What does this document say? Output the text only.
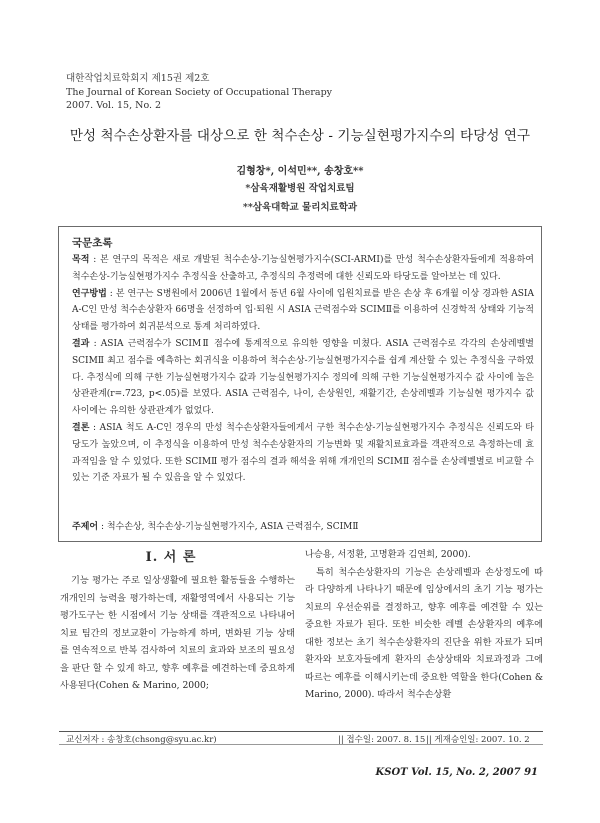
대한작업치료학회지 제15권 제2호
The Journal of Korean Society of Occupational Therapy
2007. Vol. 15, No. 2
만성 척수손상환자를 대상으로 한 척수손상 - 기능실현평가지수의 타당성 연구
김형창*, 이석민**, 송창호**
*삼육재활병원 작업치료팀
**삼육대학교 물리치료학과
국문초록

목적 : 본 연구의 목적은 새로 개발된 척수손상-기능실현평가지수(SCI-ARMI)를 만성 척수손상환자들에게 적용하여 척수손상-기능실현평가지수 추정식을 산출하고, 추정식의 추정력에 대한 신뢰도와 타당도를 알아보는 데 있다.

연구방법 : 본 연구는 S병원에서 2006년 1월에서 동년 6월 사이에 입원치료를 받은 손상 후 6개월 이상 경과한 ASIA A-C인 만성 척수손상환자 66명을 선정하여 입·퇴원 시 ASIA 근력점수와 SCIMⅡ를 이용하여 신경학적 상태와 기능적 상태를 평가하여 회귀분석으로 통계 처리하였다.

결과 : ASIA 근력점수가 SCIMⅡ 점수에 통계적으로 유의한 영향을 미쳤다. ASIA 근력점수로 각각의 손상레벨별 SCIMⅡ 최고 점수를 예측하는 회귀식을 이용하여 척수손상-기능실현평가지수를 쉽게 계산할 수 있는 추정식을 구하였다. 추정식에 의해 구한 기능실현평가지수 값과 기능실현평가지수 정의에 의해 구한 기능실현평가지수 값 사이에 높은 상관관계(r=.723, p<.05)를 보였다. ASIA 근력점수, 나이, 손상원인, 재활기간, 손상레벨과 기능실현 평가지수 값 사이에는 유의한 상관관계가 없었다.

결론 : ASIA 척도 A-C인 경우의 만성 척수손상환자들에게서 구한 척수손상-기능실현평가지수 추정식은 신뢰도와 타당도가 높았으며, 이 추정식을 이용하여 만성 척수손상환자의 기능변화 및 재활치료효과를 객관적으로 측정하는데 효과적임을 알 수 있었다. 또한 SCIMⅡ 평가 점수의 결과 해석을 위해 개개인의 SCIMⅡ 점수를 손상레벨별로 비교할 수 있는 기준 자료가 될 수 있음을 알 수 있었다.

주제어 : 척수손상, 척수손상-기능실현평가지수, ASIA 근력점수, SCIMⅡ
Ⅰ. 서 론

기능 평가는 주로 일상생활에 필요한 활동들을 수행하는 개개인의 능력을 평가하는데, 재활영역에서 사용되는 기능 평가도구는 한 시점에서 기능 상태를 객관적으로 나타내어 치료 팀간의 정보교환이 가능하게 하며, 변화된 기능 상태를 연속적으로 반복 검사하여 치료의 효과와 보조의 필요성을 판단 할 수 있게 하고, 향후 예후를 예견하는데 중요하게 사용된다(Cohen & Marino, 2000;

나승용, 서정환, 고명환과 김연희, 2000).

특히 척수손상환자의 기능은 손상레벨과 손상정도에 따라 다양하게 나타나기 때문에 임상에서의 초기 기능 평가는 치료의 우선순위를 결정하고, 향후 예후를 예견할 수 있는 중요한 자료가 된다. 또한 비슷한 레벨 손상환자의 예후에 대한 정보는 초기 척수손상환자의 진단을 위한 자료가 되며 환자와 보호자들에게 환자의 손상상태와 치료과정과 그에 따르는 예후를 이해시키는데 중요한 역할을 한다(Cohen & Marino, 2000). 따라서 척수손상환

교신저자 : 송창호(chsong@syu.ac.kr)	|| 접수일: 2007. 8. 15 || 게재승인일: 2007. 10. 2
KSOT Vol. 15, No. 2, 2007 91
